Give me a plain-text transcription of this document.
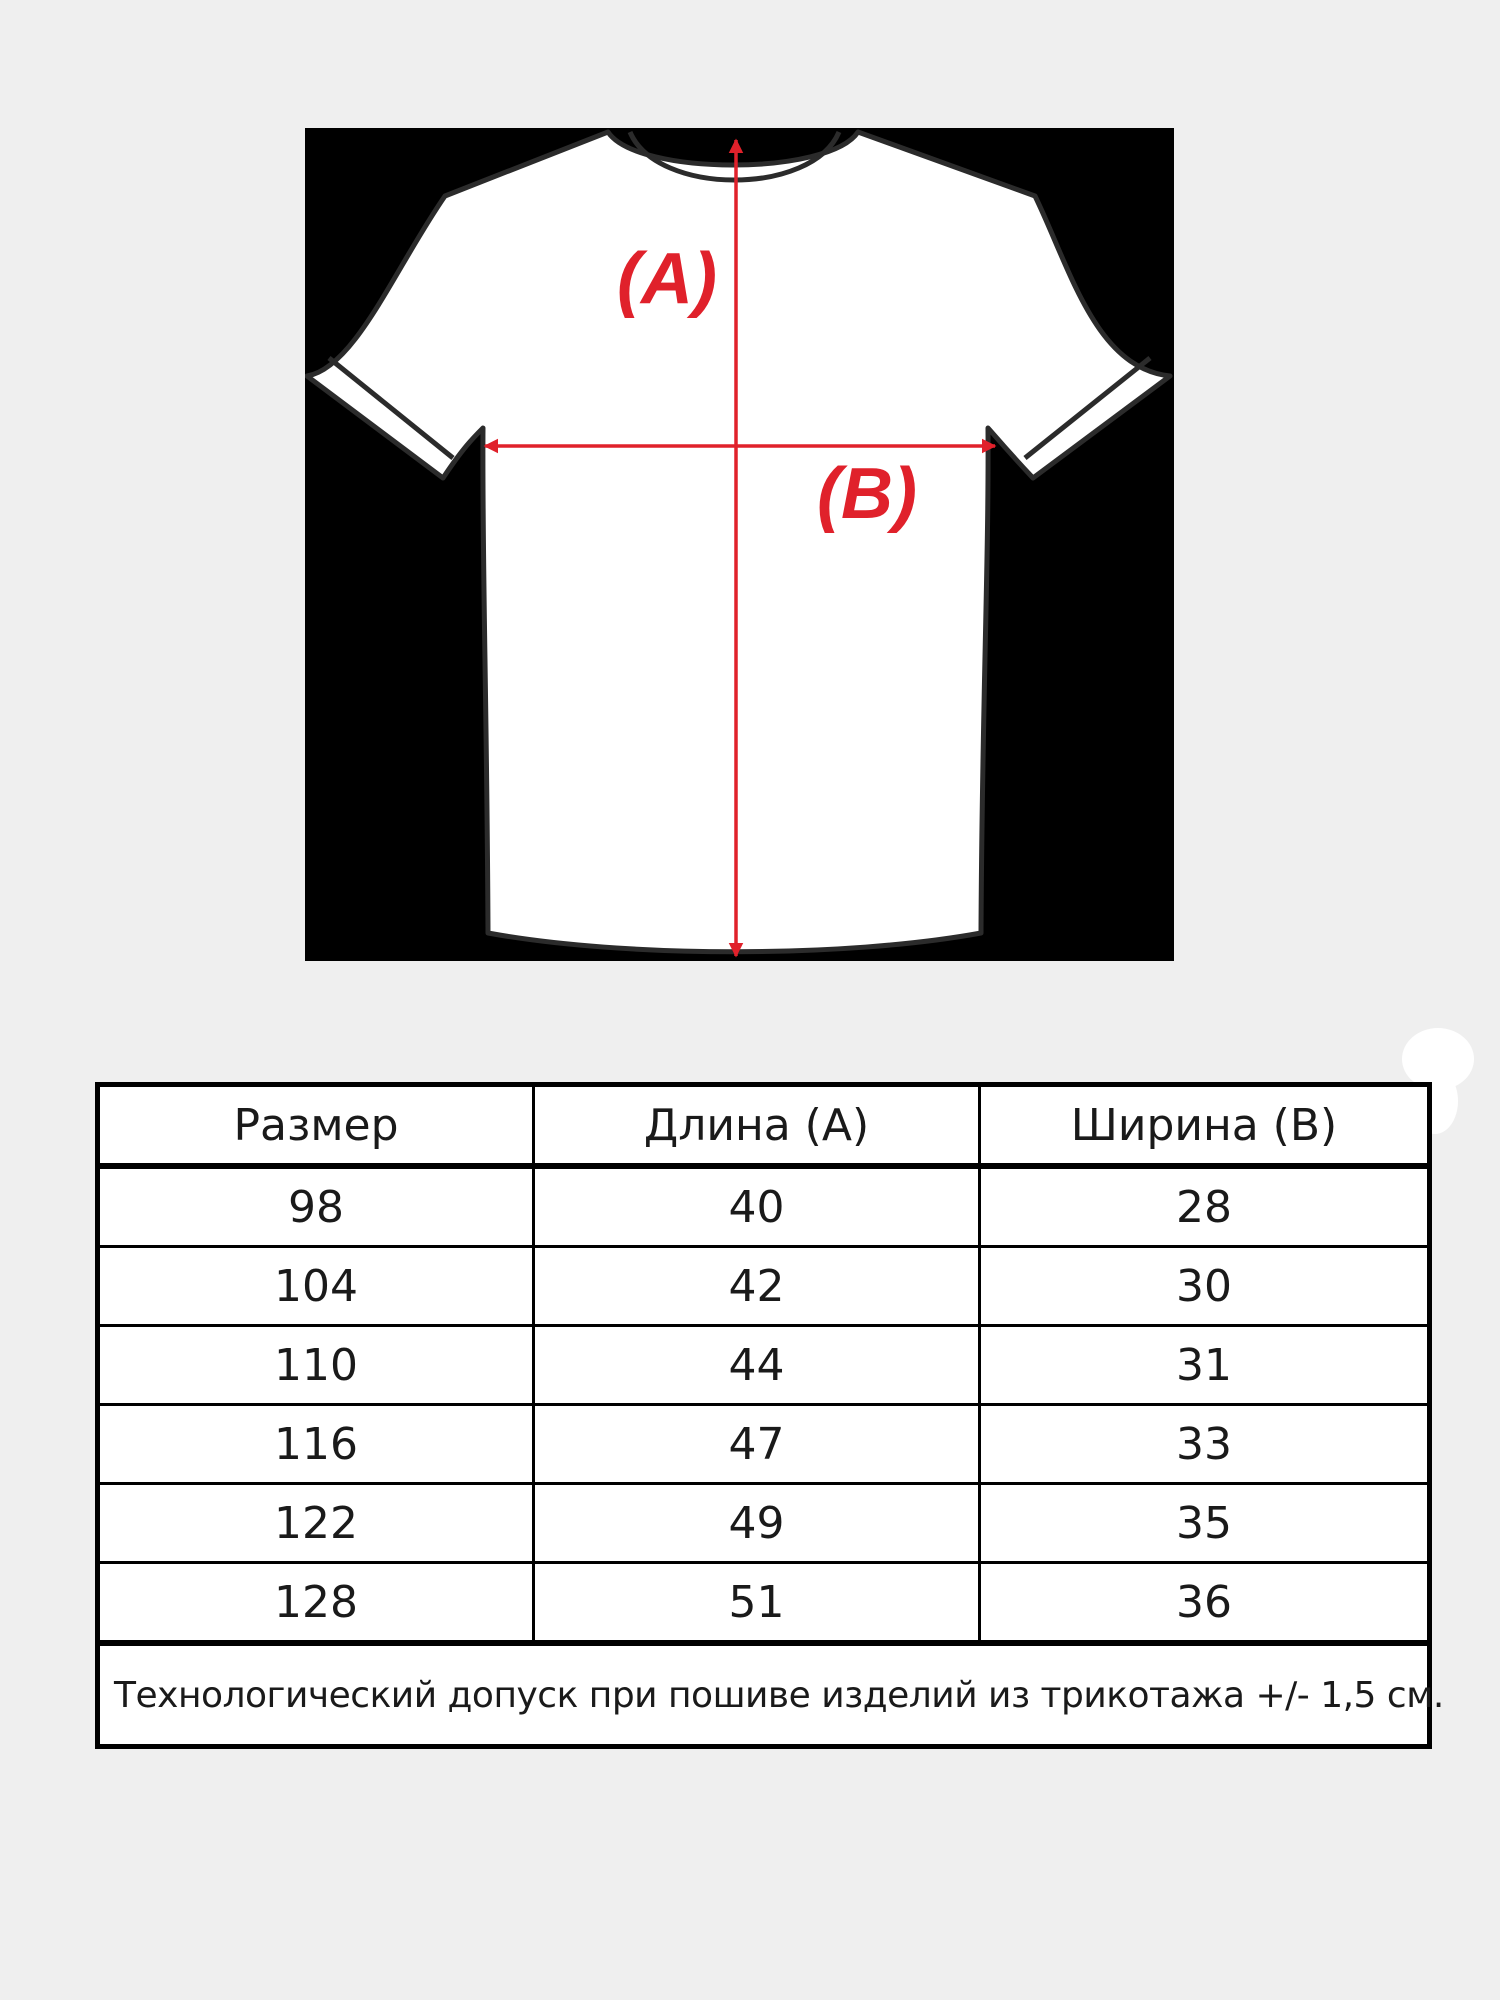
(A)
(B)
Размер	Длина (А)	Ширина (В)
98	40	28
104	42	30
110	44	31
116	47	33
122	49	35
128	51	36
Технологический допуск при пошиве изделий из трикотажа +/- 1,5 см.		
